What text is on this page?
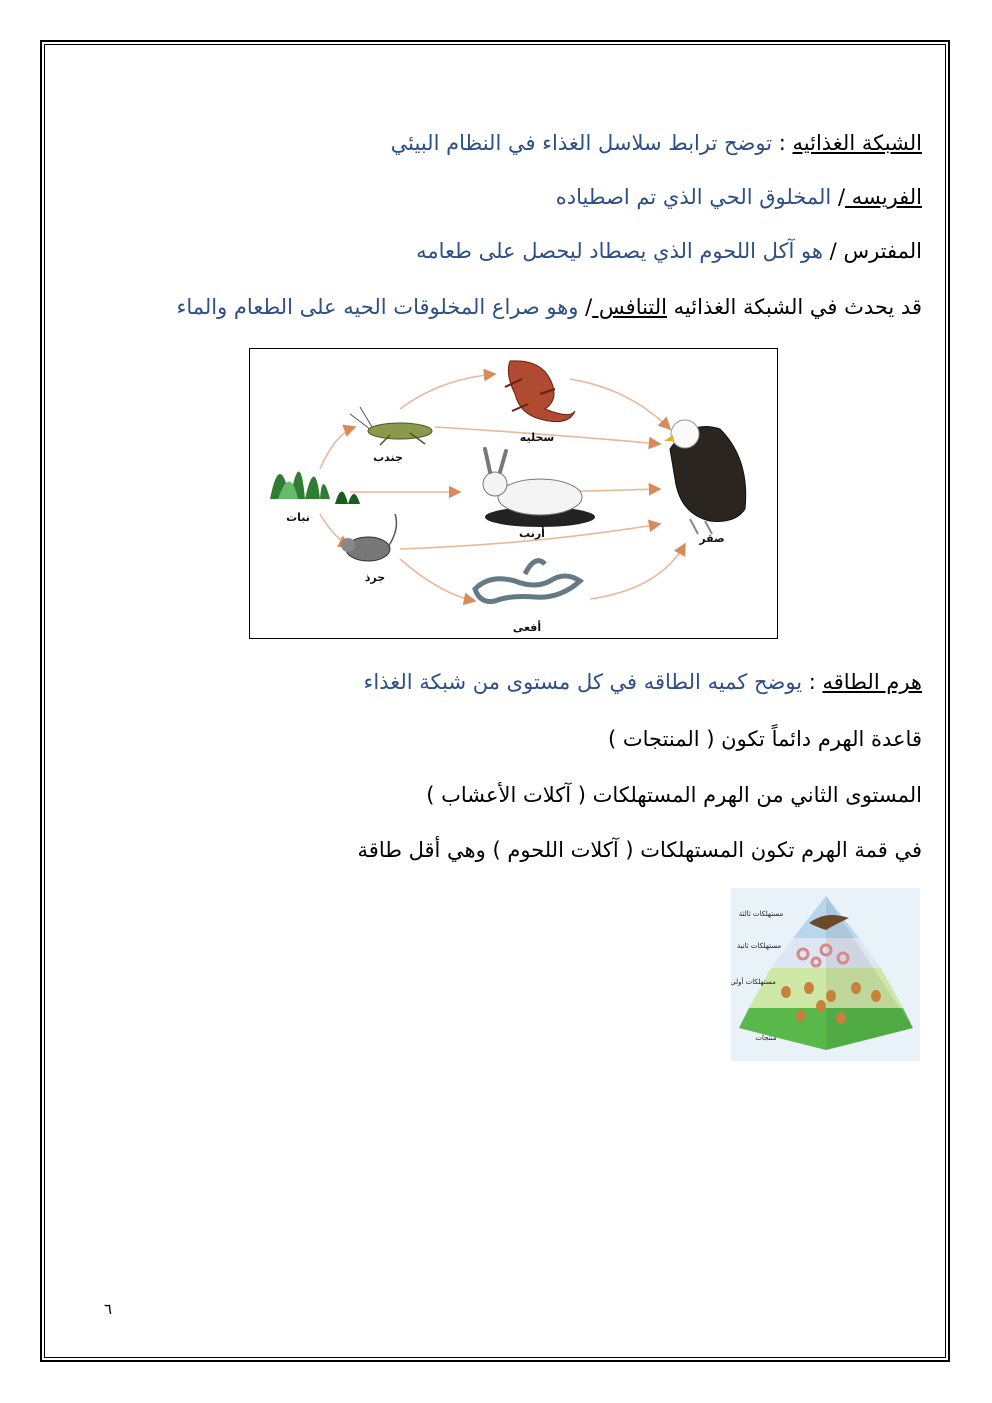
الشبكة الغذائيه : توضح ترابط سلاسل الغذاء في النظام البيئي
الفريسه / المخلوق الحي الذي تم اصطياده
المفترس / هو آكل اللحوم الذي يصطاد ليحصل على طعامه
قد يحدث في الشبكة الغذائيه التنافس / وهو صراع المخلوقات الحيه على الطعام والماء
نبات
جندب
سحليه
أرنب
جرذ
أفعى
صقر
هرم الطاقه : يوضح كميه الطاقه في كل مستوى من شبكة الغذاء
قاعدة الهرم دائماً تكون ( المنتجات )
المستوى الثاني من الهرم المستهلكات ( آكلات الأعشاب )
في قمة الهرم تكون المستهلكات ( آكلات اللحوم ) وهي أقل طاقة
مستهلكات ثالثة
مستهلكات ثانية
مستهلكات أولى
منتجات
٦
